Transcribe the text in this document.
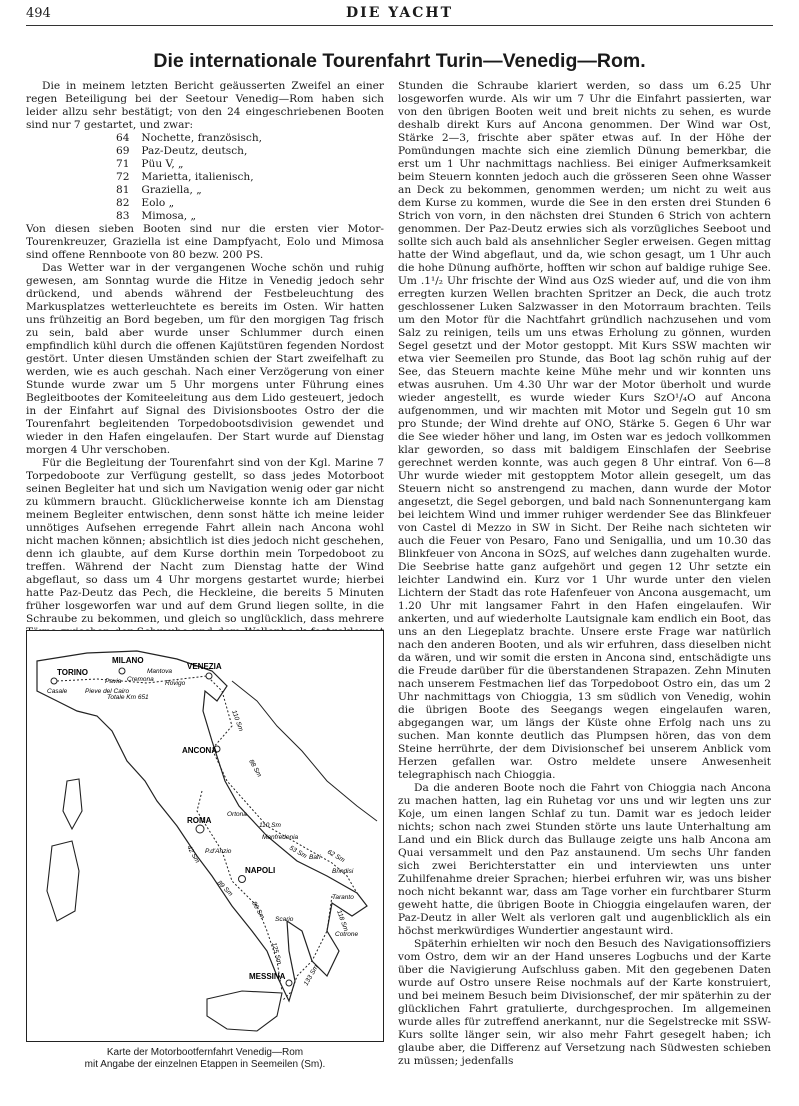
494	DIE YACHT
Die internationale Tourenfahrt Turin—Venedig—Rom.

Die in meinem letzten Bericht geäusserten Zweifel an einer regen Beteiligung bei der Seetour Venedig—Rom haben sich leider allzu sehr bestätigt; von den 24 eingeschriebenen Booten sind nur 7 gestartet, und zwar:

64 Nochette, französisch,
69 Paz-Deutz, deutsch,
71 Püu V, „
72 Marietta, italienisch,
81 Graziella, „
82 Eolo „
83 Mimosa, „

Von diesen sieben Booten sind nur die ersten vier Motor-Tourenkreuzer, Graziella ist eine Dampfyacht, Eolo und Mimosa sind offene Rennboote von 80 bezw. 200 PS.

Das Wetter war in der vergangenen Woche schön und ruhig gewesen, am Sonntag wurde die Hitze in Venedig jedoch sehr drückend, und abends während der Festbeleuchtung des Markusplatzes wetterleuchtete es bereits im Osten. Wir hatten uns frühzeitig an Bord begeben, um für den morgigen Tag frisch zu sein, bald aber wurde unser Schlummer durch einen empfindlich kühl durch die offenen Kajütstüren fegenden Nordost gestört. Unter diesen Umständen schien der Start zweifelhaft zu werden, wie es auch geschah. Nach einer Verzögerung von einer Stunde wurde zwar um 5 Uhr morgens unter Führung eines Begleitbootes der Komiteeleitung aus dem Lido gesteuert, jedoch in der Einfahrt auf Signal des Divisionsbootes Ostro der die Tourenfahrt begleitenden Torpedobootsdivision gewendet und wieder in den Hafen eingelaufen. Der Start wurde auf Dienstag morgen 4 Uhr verschoben.

Für die Begleitung der Tourenfahrt sind von der Kgl. Marine 7 Torpedoboote zur Verfügung gestellt, so dass jedes Motorboot seinen Begleiter hat und sich um Navigation wenig oder gar nicht zu kümmern braucht. Glücklicherweise konnte ich am Dienstag meinem Begleiter entwischen, denn sonst hätte ich meine leider unnötiges Aufsehen erregende Fahrt allein nach Ancona wohl nicht machen können; absichtlich ist dies jedoch nicht geschehen, denn ich glaubte, auf dem Kurse dorthin mein Torpedoboot zu treffen. Während der Nacht zum Dienstag hatte der Wind abgeflaut, so dass um 4 Uhr morgens gestartet wurde; hierbei hatte Paz-Deutz das Pech, die Heckleine, die bereits 5 Minuten früher losgeworfen war und auf dem Grund liegen sollte, in die Schraube zu bekommen, und gleich so unglücklich, dass mehrere

TORINO
MILANO
VENEZIA
ANCONA
ROMA
NAPOLI
MESSINA
Casale
Pavia Cremona
Mantova
Rovigo
Pieve del Cairo
Ortona
Manfredonia
Bari
Brindisi
Taranto
Cotrone
Scario
P.d'Anzio
Totale Km 651
110 Sm
88 Sm
110 Sm
53 Sm	62 Sm
42 Sm
89 Sm
86 Sm
125 Sm
118 Sm
133 Sm
Karte der Motorbootfernfahrt Venedig—Rom
mit Angabe der einzelnen Etappen in Seemeilen (Sm).

Stunden die Schraube klariert werden, so dass um 6.25 Uhr losgeworfen wurde. Als wir um 7 Uhr die Einfahrt passierten, war von den übrigen Booten weit und breit nichts zu sehen, es wurde deshalb direkt Kurs auf Ancona genommen. Der Wind war Ost, Stärke 2—3, frischte aber später etwas auf. In der Höhe der Pomündungen machte sich eine ziemlich Dünung bemerkbar, die erst um 1 Uhr nachmittags nachliess. Bei einiger Aufmerksamkeit beim Steuern konnten jedoch auch die grösseren Seen ohne Wasser an Deck zu bekommen, genommen werden; um nicht zu weit aus dem Kurse zu kommen, wurde die See in den ersten drei Stunden 6 Strich von vorn, in den nächsten drei Stunden 6 Strich von achtern genommen. Der Paz-Deutz erwies sich als vorzügliches Seeboot und sollte sich auch bald als ansehnlicher Segler erweisen. Gegen mittag hatte der Wind abgeflaut, und da, wie schon gesagt, um 1 Uhr auch die hohe Dünung aufhörte, hofften wir schon auf baldige ruhige See. Um .1¹/₂ Uhr frischte der Wind aus OzS wieder auf, und die von ihm erregten kurzen Wellen brachten Spritzer an Deck, die auch trotz geschlossener Luken Salzwasser in den Motorraum brachten. Teils um den Motor für die Nachtfahrt gründlich nachzusehen und vom Salz zu reinigen, teils um uns etwas Erholung zu gönnen, wurden Segel gesetzt und der Motor gestoppt. Mit Kurs SSW machten wir etwa vier Seemeilen pro Stunde, das Boot lag schön ruhig auf der See, das Steuern machte keine Mühe mehr und wir konnten uns etwas ausruhen. Um 4.30 Uhr war der Motor überholt und wurde wieder angestellt, es wurde wieder Kurs SzO¹/₄O auf Ancona aufgenommen, und wir machten mit Motor und Segeln gut 10 sm pro Stunde; der Wind drehte auf ONO, Stärke 5. Gegen 6 Uhr war die See wieder höher und lang, im Osten war es jedoch vollkommen klar geworden, so dass mit baldigem Einschlafen der Seebrise gerechnet werden konnte, was auch gegen 8 Uhr eintraf. Von 6—8 Uhr wurde wieder mit gestopptem Motor allein gesegelt, um das Steuern nicht so anstrengend zu machen, dann wurde der Motor angesetzt, die Segel geborgen, und bald nach Sonnenuntergang kam bei leichtem Wind und immer ruhiger werdender See das Blinkfeuer von Castel di Mezzo in SW in Sicht. Der Reihe nach sichteten wir auch die Feuer von Pesaro, Fano und Senigallia, und um 10.30 das Blinkfeuer von Ancona in SOzS, auf welches dann zugehalten wurde. Die Seebrise hatte ganz aufgehört und gegen 12 Uhr setzte ein leichter Landwind ein. Kurz vor 1 Uhr wurde unter den vielen Lichtern der Stadt das rote Hafenfeuer von Ancona ausgemacht, um 1.20 Uhr mit langsamer Fahrt in den Hafen eingelaufen. Wir ankerten, und auf wiederholte Lautsignale kam endlich ein Boot, das uns an den Liegeplatz brachte. Unsere erste Frage war natürlich nach den anderen Booten, und als wir erfuhren, dass dieselben nicht da wären, und wir somit die ersten in Ancona sind, entschädigte uns die Freude darüber für die überstandenen Strapazen. Zehn Minuten nach unserem Festmachen lief das Torpedoboot Ostro ein, das um 2 Uhr nachmittags von Chioggia, 13 sm südlich von Venedig, wohin die übrigen Boote des Seegangs wegen eingelaufen waren, abgegangen war, um längs der Küste ohne Erfolg nach uns zu suchen. Man konnte deutlich das Plumpsen hören, das von dem Steine herrührte, der dem Divisionschef bei unserem Anblick vom Herzen gefallen war. Ostro meldete unsere Anwesenheit telegraphisch nach Chioggia.

Da die anderen Boote noch die Fahrt von Chioggia nach Ancona zu machen hatten, lag ein Ruhetag vor uns und wir legten uns zur Koje, um einen langen Schlaf zu tun. Damit war es jedoch leider nichts; schon nach zwei Stunden störte uns laute Unterhaltung am Land und ein Blick durch das Bullauge zeigte uns halb Ancona am Quai versammelt und den Paz anstaunend. Um sechs Uhr fanden sich zwei Berichterstatter ein und interviewten uns unter Zuhilfenahme dreier Sprachen; hierbei erfuhren wir, was uns bisher noch nicht bekannt war, dass am Tage vorher ein furchtbarer Sturm geweht hatte, die übrigen Boote in Chioggia eingelaufen waren, der Paz-Deutz in aller Welt als verloren galt und augenblicklich als ein höchst merkwürdiges Wundertier angestaunt wird.

Späterhin erhielten wir noch den Besuch des Navigationsoffiziers vom Ostro, dem wir an der Hand unseres Logbuchs und der Karte über die Navigierung Aufschluss gaben. Mit den gegebenen Daten wurde auf Ostro unsere Reise nochmals auf der Karte konstruiert, und bei meinem Besuch beim Divisionschef, der mir späterhin zu der glücklichen Fahrt gratulierte, durchgesprochen. Im allgemeinen wurde alles für zutreffend anerkannt, nur die Segelstrecke mit SSW-Kurs sollte länger sein, wir also mehr Fahrt gesegelt haben; ich glaube aber, die Differenz auf Versetzung nach Südwesten schieben zu müssen; jedenfalls
